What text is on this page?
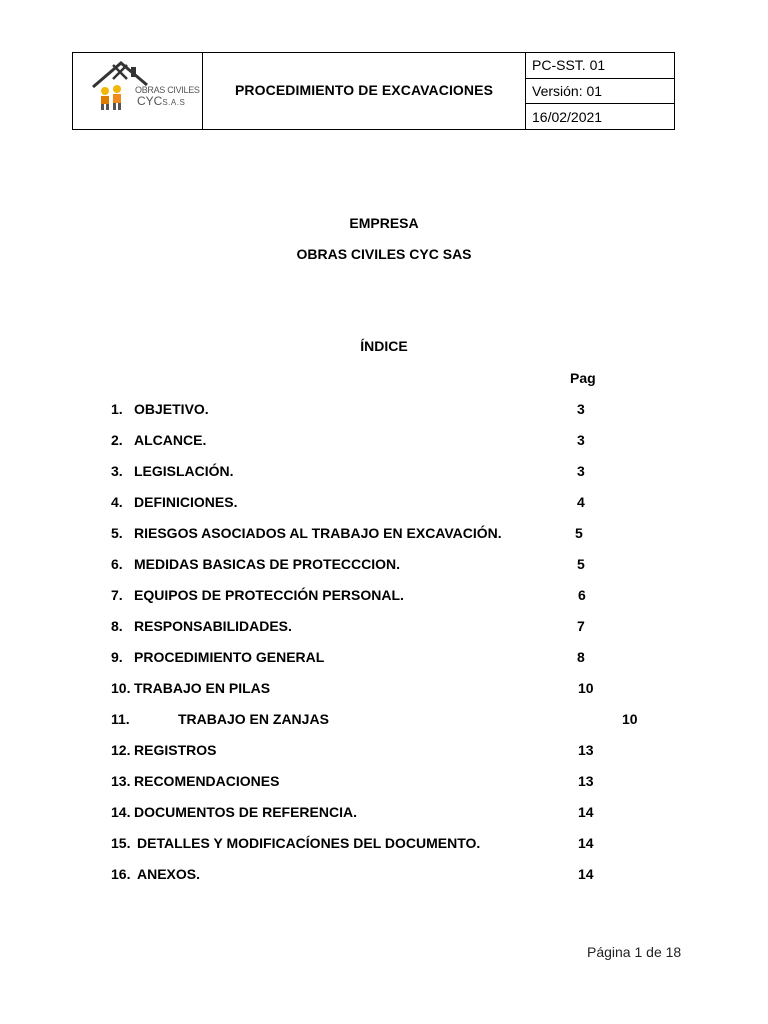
OBRAS CIVILES
CYCS.A.S
PROCEDIMIENTO DE EXCAVACIONES
PC-SST. 01
Versión: 01
16/02/2021
EMPRESA
OBRAS CIVILES CYC SAS
ÍNDICE
Pag
1. OBJETIVO.	3
2. ALCANCE.	3
3. LEGISLACIÓN.	3
4. DEFINICIONES.	4
5. RIESGOS ASOCIADOS AL TRABAJO EN EXCAVACIÓN.	5
6. MEDIDAS BASICAS DE PROTECCCION.	5
7. EQUIPOS DE PROTECCIÓN PERSONAL.	6
8. RESPONSABILIDADES.	7
9. PROCEDIMIENTO GENERAL	8
10. TRABAJO EN PILAS	10
11.	TRABAJO EN ZANJAS	10
12. REGISTROS	13
13. RECOMENDACIONES	13
14. DOCUMENTOS DE REFERENCIA.	14
15. DETALLES Y MODIFICACÍONES DEL DOCUMENTO.	14
16. ANEXOS.	14
Página 1 de 18
